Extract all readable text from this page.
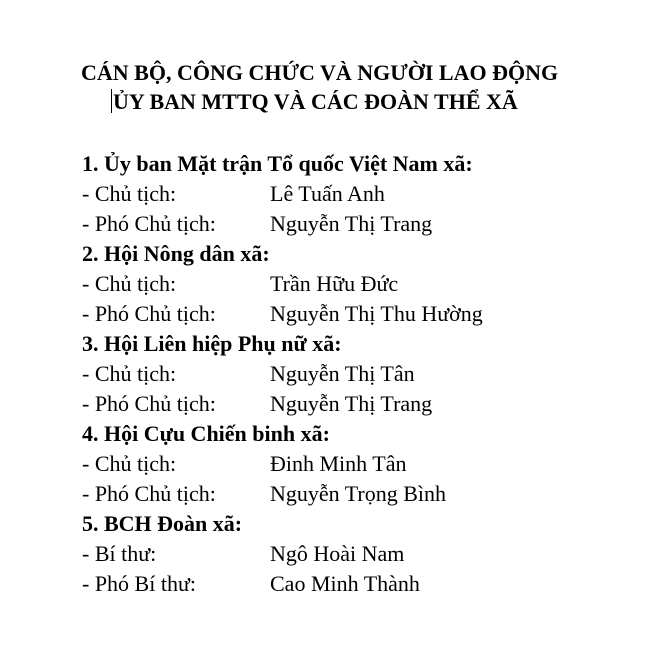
CÁN BỘ, CÔNG CHỨC VÀ NGƯỜI LAO ĐỘNG
ỦY BAN MTTQ VÀ CÁC ĐOÀN THỂ XÃ
1. Ủy ban Mặt trận Tổ quốc Việt Nam xã:
- Chủ tịch:	Lê Tuấn Anh
- Phó Chủ tịch: Nguyễn Thị Trang
2. Hội Nông dân xã:
- Chủ tịch:	Trần Hữu Đức
- Phó Chủ tịch: Nguyễn Thị Thu Hường
3. Hội Liên hiệp Phụ nữ xã:
- Chủ tịch:	Nguyễn Thị Tân
- Phó Chủ tịch: Nguyễn Thị Trang
4. Hội Cựu Chiến binh xã:
- Chủ tịch:	Đinh Minh Tân
- Phó Chủ tịch: Nguyễn Trọng Bình
5. BCH Đoàn xã:
- Bí thư:	Ngô Hoài Nam
- Phó Bí thư:	Cao Minh Thành
